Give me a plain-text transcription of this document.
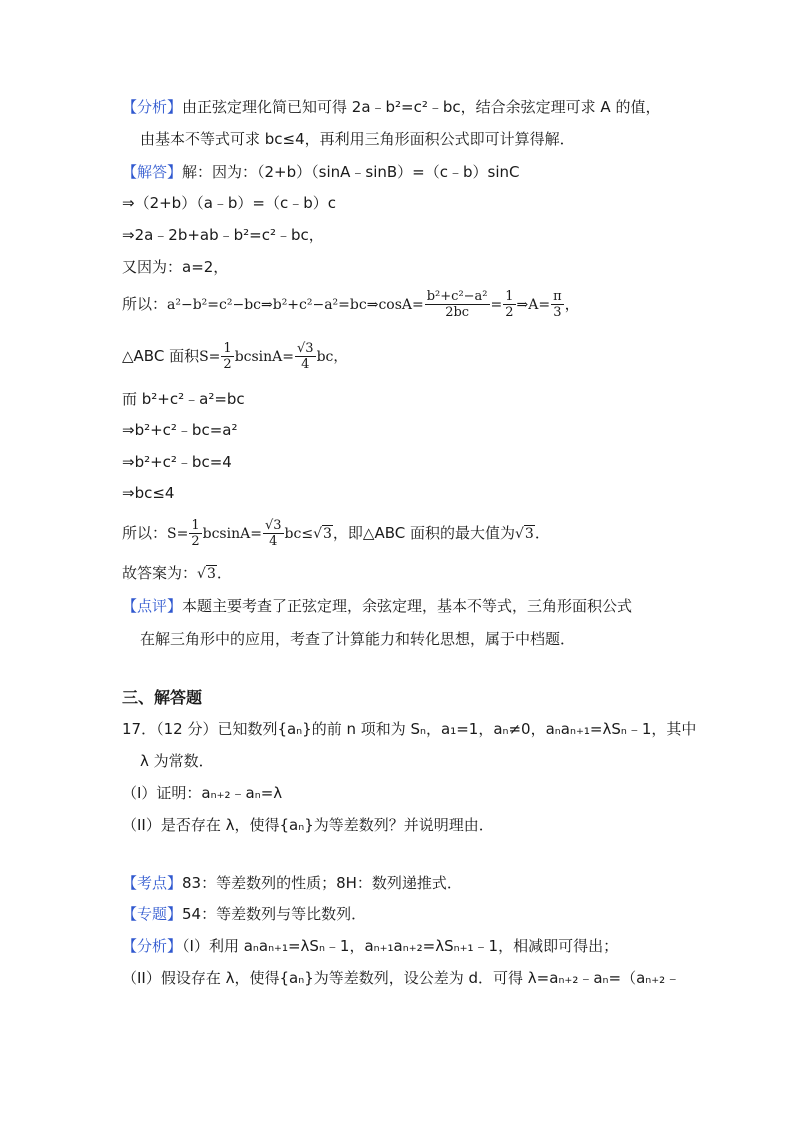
【分析】由正弦定理化简已知可得 2a﹣b²=c²﹣bc，结合余弦定理可求 A 的值，
由基本不等式可求 bc≤4，再利用三角形面积公式即可计算得解．
【解答】解：因为：（2+b）（sinA﹣sinB）=（c﹣b）sinC
⇒（2+b）（a﹣b）=（c﹣b）c
⇒2a﹣2b+ab﹣b²=c²﹣bc，
又因为：a=2，
所以：a²−b²=c²−bc⇒b²+c²−a²=bc⇒cosA= $\frac{\text{b²+c²−a²}}{2bc} = \frac{1}{2}$ ⇒A= $\frac{\pi}{3}$ ，
△ABC 面积$S= \frac{1}{2} bcsinA= \frac{√3}{4}$ bc，
而 b²+c²﹣a²=bc
⇒b²+c²﹣bc=a²
⇒b²+c²﹣bc=4
⇒bc≤4
所以：$S= \frac{1}{2} bcsinA= \frac{√3}{4} bc\le√3$，即△ABC 面积的最大值为√3．
故答案为：√3．
【点评】本题主要考查了正弦定理，余弦定理，基本不等式，三角形面积公式
在解三角形中的应用，考查了计算能力和转化思想，属于中档题．
三、解答题
17．（12 分）已知数列{aₙ}的前 n 项和为 Sₙ，a₁=1，aₙ≠0，aₙaₙ₊₁=λSₙ﹣1，其中
λ 为常数．
（I）证明：aₙ₊₂﹣aₙ=λ
（II）是否存在 λ，使得{aₙ}为等差数列？并说明理由．
【考点】83：等差数列的性质；8H：数列递推式．
【专题】54：等差数列与等比数列．
【分析】（I）利用 aₙaₙ₊₁=λSₙ﹣1，aₙ₊₁aₙ₊₂=λSₙ₊₁﹣1，相减即可得出；
（II）假设存在 λ，使得{aₙ}为等差数列，设公差为 d．可得 λ=aₙ₊₂﹣aₙ=（aₙ₊₂﹣
